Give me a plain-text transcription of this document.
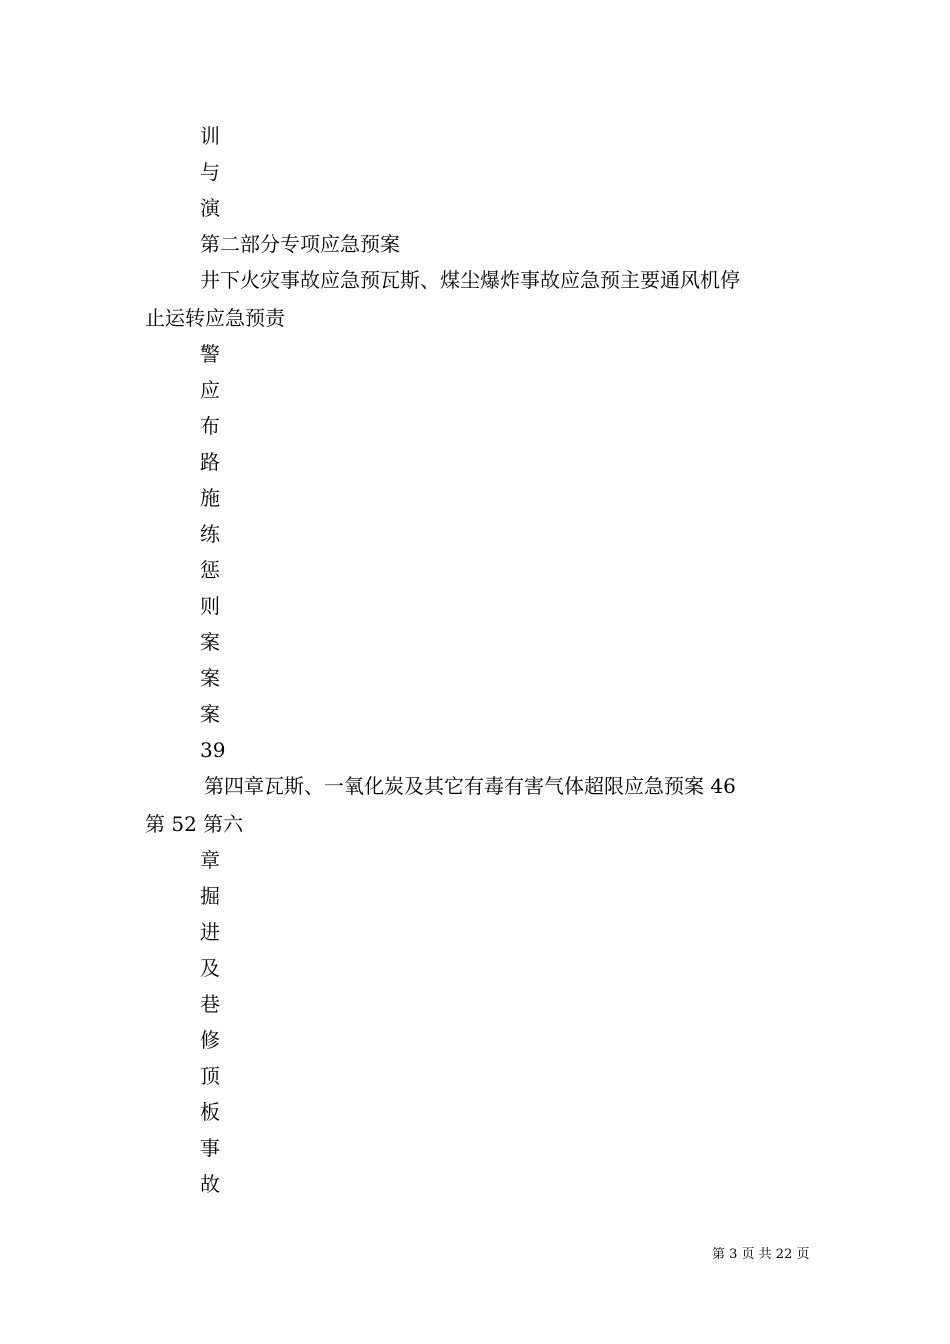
训
与
演
第二部分专项应急预案
井下火灾事故应急预瓦斯、煤尘爆炸事故应急预主要通风机停
止运转应急预责
警
应
布
路
施
练
惩
则
案
案
案
39
第四章瓦斯、一氧化炭及其它有毒有害气体超限应急预案 46
第 52 第六
章
掘
进
及
巷
修
顶
板
事
故
第 3 页 共 22 页
